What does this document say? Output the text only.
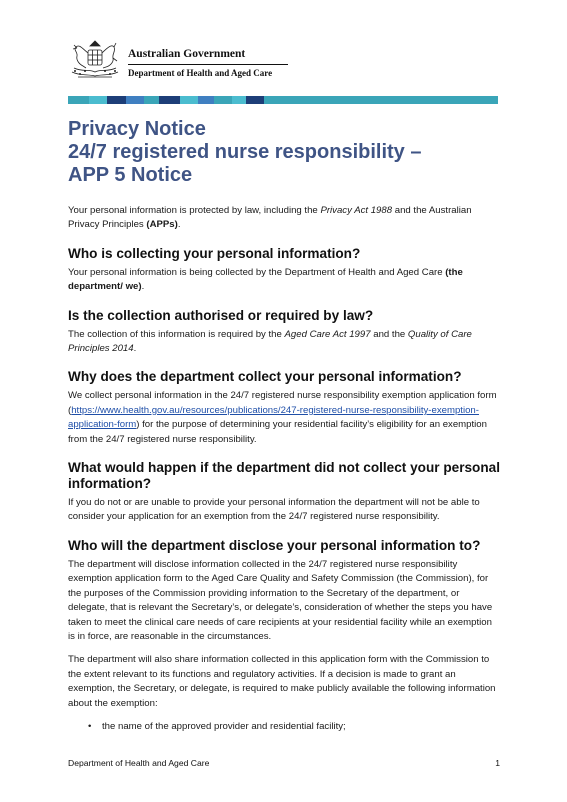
Australian Government
Department of Health and Aged Care
Privacy Notice
24/7 registered nurse responsibility –
APP 5 Notice

Your personal information is protected by law, including the Privacy Act 1988 and the Australian Privacy Principles (APPs).

Who is collecting your personal information?

Your personal information is being collected by the Department of Health and Aged Care (the department/ we).

Is the collection authorised or required by law?

The collection of this information is required by the Aged Care Act 1997 and the Quality of Care Principles 2014.

Why does the department collect your personal information?

We collect personal information in the 24/7 registered nurse responsibility exemption application form (https://www.health.gov.au/resources/publications/247-registered-nurse-responsibility-exemption-application-form) for the purpose of determining your residential facility’s eligibility for an exemption from the 24/7 registered nurse responsibility.

What would happen if the department did not collect your personal information?

If you do not or are unable to provide your personal information the department will not be able to consider your application for an exemption from the 24/7 registered nurse responsibility.

Who will the department disclose your personal information to?

The department will disclose information collected in the 24/7 registered nurse responsibility exemption application form to the Aged Care Quality and Safety Commission (the Commission), for the purposes of the Commission providing information to the Secretary of the department, or delegate, that is relevant the Secretary’s, or delegate’s, consideration of whether the steps you have taken to meet the clinical care needs of care recipients at your residential facility while an exemption is in force, are reasonable in the circumstances.

The department will also share information collected in this application form with the Commission to the extent relevant to its functions and regulatory activities. If a decision is made to grant an exemption, the Secretary, or delegate, is required to make publicly available the following information about the exemption:

• the name of the approved provider and residential facility;
Department of Health and Aged Care	1
